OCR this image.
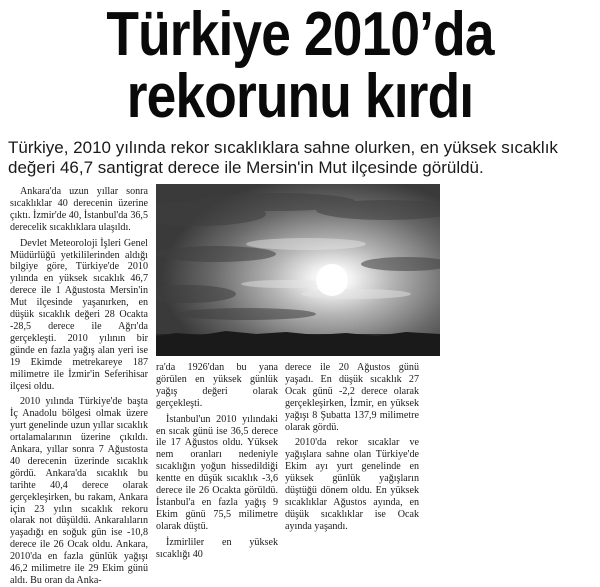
Türkiye 2010’da
rekorunu kırdı
Türkiye, 2010 yılında rekor sıcaklıklara sahne olurken, en yüksek sıcaklık
değeri 46,7 santigrat derece ile Mersin'in Mut ilçesinde görüldü.

Ankara'da uzun yıllar sonra sıcaklıklar 40 derecenin üzerine çıktı. İzmir'de 40, İstanbul'da 36,5 derecelik sıcaklıklara ulaşıldı.

Devlet Meteoroloji İşleri Genel Müdürlüğü yetkililerinden aldığı bilgiye göre, Türkiye'de 2010 yılında en yüksek sıcaklık 46,7 derece ile 1 Ağustosta Mersin'in Mut ilçesinde yaşanırken, en düşük sıcaklık değeri 28 Ocakta -28,5 derece ile Ağrı'da gerçekleşti. 2010 yılının bir günde en fazla yağış alan yeri ise 19 Ekimde metrekareye 187 milimetre ile İzmir'in Seferihisar ilçesi oldu.

2010 yılında Türkiye'de başta İç Anadolu bölgesi olmak üzere yurt genelinde uzun yıllar sıcaklık ortalamalarının üzerine çıkıldı. Ankara, yıllar sonra 7 Ağustosta 40 derecenin üzerinde sıcaklık gördü. Ankara'da sıcaklık bu tarihte 40,4 derece olarak gerçekleşirken, bu rakam, Ankara için 23 yılın sıcaklık rekoru olarak not düşüldü. Ankaralıların yaşadığı en soğuk gün ise -10,8 derece ile 26 Ocak oldu. Ankara, 2010'da en fazla günlük yağışı 46,2 milimetre ile 29 Ekim günü aldı. Bu oran da Anka-

ra'da 1926'dan bu yana görülen en yüksek günlük yağış değeri olarak gerçekleşti.

İstanbul'un 2010 yılındaki en sıcak günü ise 36,5 derece ile 17 Ağustos oldu. Yüksek nem oranları nedeniyle sıcaklığın yoğun hissedildiği kentte en düşük sıcaklık -3,6 derece ile 26 Ocakta görüldü. İstanbul'a en fazla yağış 9 Ekim günü 75,5 milimetre olarak düştü.

İzmirliler en yüksek sıcaklığı 40

derece ile 20 Ağustos günü yaşadı. En düşük sıcaklık 27 Ocak günü -2,2 derece olarak gerçekleşirken, İzmir, en yüksek yağışı 8 Şubatta 137,9 milimetre olarak gördü.

2010'da rekor sıcaklar ve yağışlara sahne olan Türkiye'de Ekim ayı yurt genelinde en yüksek günlük yağışların düştüğü dönem oldu. En yüksek sıcaklıklar Ağustos ayında, en düşük sıcaklıklar ise Ocak ayında yaşandı.
